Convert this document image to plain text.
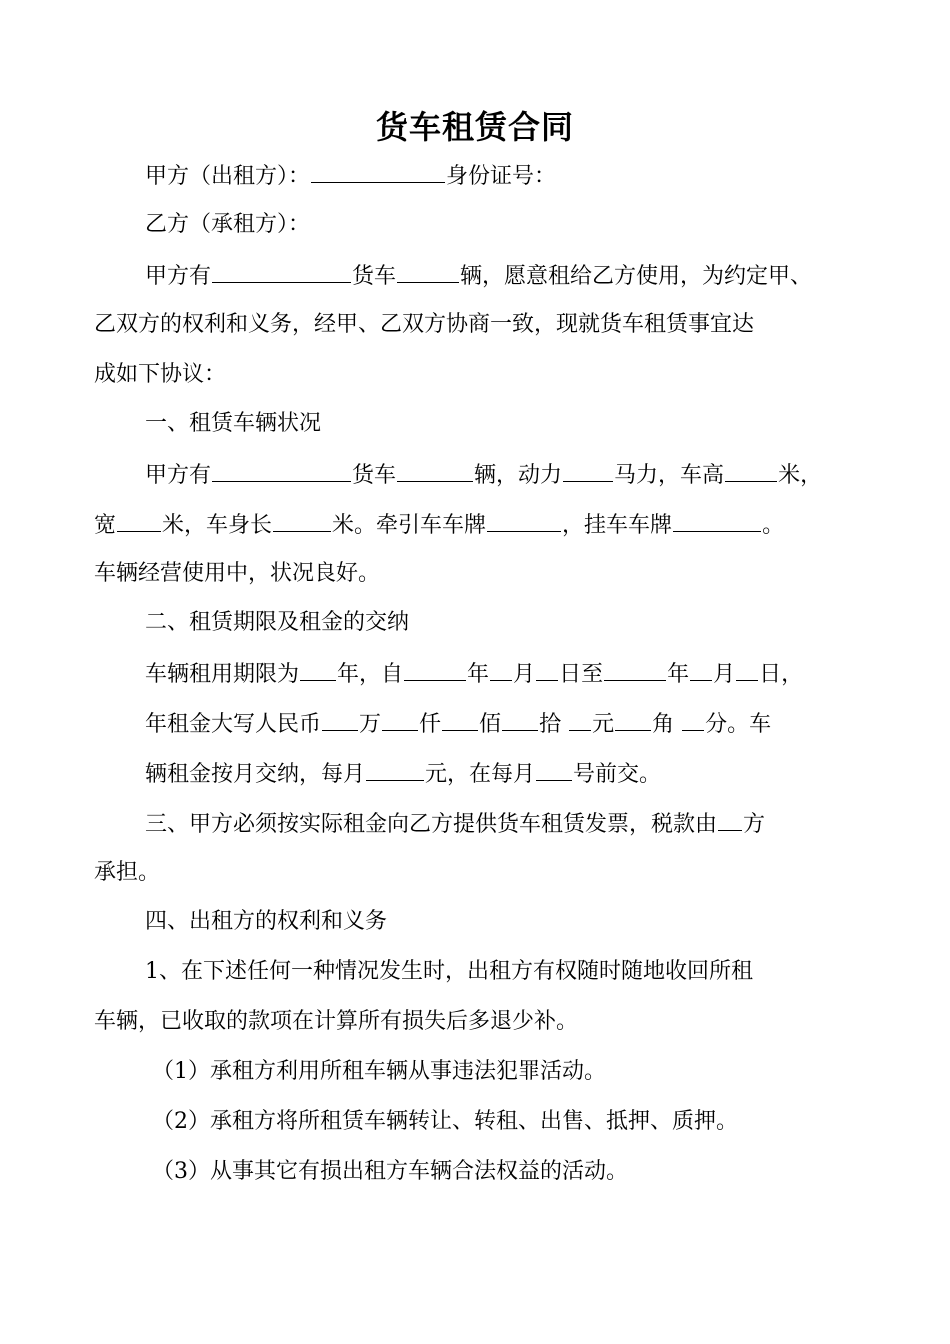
货车租赁合同
甲方（出租方）：	身份证号：
乙方（承租方）：
甲方有	货车	辆，愿意租给乙方使用，为约定甲、
乙双方的权利和义务，经甲、乙双方协商一致，现就货车租赁事宜达
成如下协议：
一、租赁车辆状况
甲方有	货车	辆，动力 马力，车高 米，
宽 米，车身长	米。牵引车车牌	，挂车车牌	。
车辆经营使用中，状况良好。
二、租赁期限及租金的交纳
车辆租用期限为 年，自	年 月 日至	年 月 日，
年租金大写人民币 万 仟 佰 拾 元 角 分。车
辆租金按月交纳，每月	元，在每月 号前交。
三、甲方必须按实际租金向乙方提供货车租赁发票，税款由 方
承担。
四、出租方的权利和义务
1、在下述任何一种情况发生时，出租方有权随时随地收回所租
车辆，已收取的款项在计算所有损失后多退少补。
（1）承租方利用所租车辆从事违法犯罪活动。
（2）承租方将所租赁车辆转让、转租、出售、抵押、质押。
（3）从事其它有损出租方车辆合法权益的活动。
